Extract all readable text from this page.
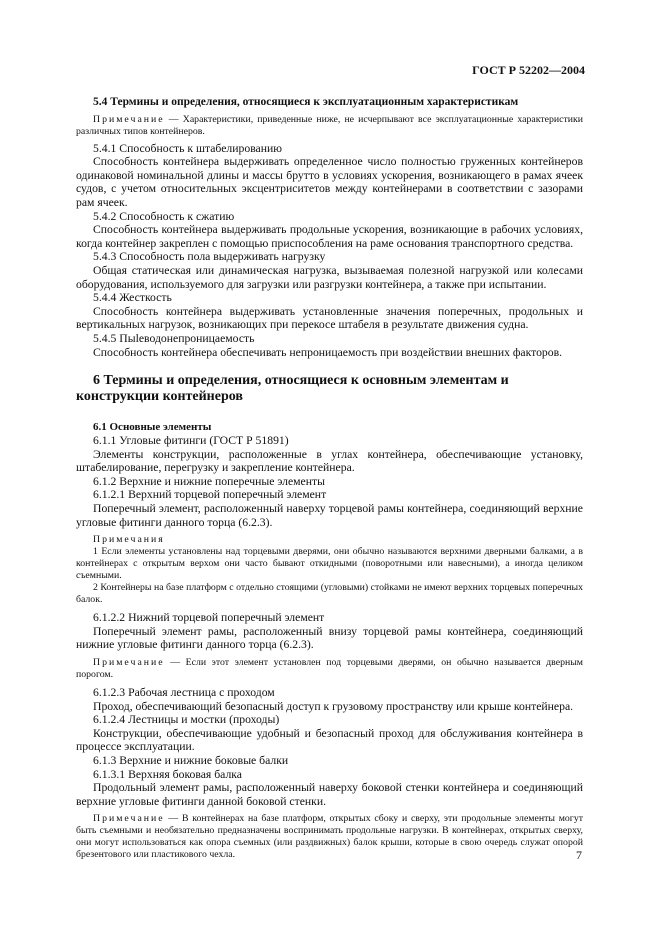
ГОСТ Р 52202—2004

5.4 Термины и определения, относящиеся к эксплуатационным характеристикам

Примечание — Характеристики, приведенные ниже, не исчерпывают все эксплуатационные характеристики различных типов контейнеров.

5.4.1 Способность к штабелированию

Способность контейнера выдерживать определенное число полностью груженных контейнеров одинаковой номинальной длины и массы брутто в условиях ускорения, возникающего в рамах ячеек судов, с учетом относительных эксцентриситетов между контейнерами в соответствии с зазорами рам ячеек.

5.4.2 Способность к сжатию

Способность контейнера выдерживать продольные ускорения, возникающие в рабочих условиях, когда контейнер закреплен с помощью приспособления на раме основания транспортного средства.

5.4.3 Способность пола выдерживать нагрузку

Общая статическая или динамическая нагрузка, вызываемая полезной нагрузкой или колесами оборудования, используемого для загрузки или разгрузки контейнера, а также при испытании.

5.4.4 Жесткость

Способность контейнера выдерживать установленные значения поперечных, продольных и вертикальных нагрузок, возникающих при перекосе штабеля в результате движения судна.

5.4.5 Пыleводонепроницаемость

Способность контейнера обеспечивать непроницаемость при воздействии внешних факторов.

6 Термины и определения, относящиеся к основным элементам и конструкции контейнеров

6.1 Основные элементы

6.1.1 Угловые фитинги (ГОСТ Р 51891)

Элементы конструкции, расположенные в углах контейнера, обеспечивающие установку, штабелирование, перегрузку и закрепление контейнера.

6.1.2 Верхние и нижние поперечные элементы

6.1.2.1 Верхний торцевой поперечный элемент

Поперечный элемент, расположенный наверху торцевой рамы контейнера, соединяющий верхние угловые фитинги данного торца (6.2.3).

Примечания

1 Если элементы установлены над торцевыми дверями, они обычно называются верхними дверными балками, а в контейнерах с открытым верхом они часто бывают откидными (поворотными или навесными), а иногда целиком съемными.

2 Контейнеры на базе платформ с отдельно стоящими (угловыми) стойками не имеют верхних торцевых поперечных балок.

6.1.2.2 Нижний торцевой поперечный элемент

Поперечный элемент рамы, расположенный внизу торцевой рамы контейнера, соединяющий нижние угловые фитинги данного торца (6.2.3).

Примечание — Если этот элемент установлен под торцевыми дверями, он обычно называется дверным порогом.

6.1.2.3 Рабочая лестница с проходом

Проход, обеспечивающий безопасный доступ к грузовому пространству или крыше контейнера.

6.1.2.4 Лестницы и мостки (проходы)

Конструкции, обеспечивающие удобный и безопасный проход для обслуживания контейнера в процессе эксплуатации.

6.1.3 Верхние и нижние боковые балки

6.1.3.1 Верхняя боковая балка

Продольный элемент рамы, расположенный наверху боковой стенки контейнера и соединяющий верхние угловые фитинги данной боковой стенки.

Примечание — В контейнерах на базе платформ, открытых сбоку и сверху, эти продольные элементы могут быть съемными и необязательно предназначены воспринимать продольные нагрузки. В контейнерах, открытых сверху, они могут использоваться как опора съемных (или раздвижных) балок крыши, которые в свою очередь служат опорой брезентового или пластикового чехла.	7
